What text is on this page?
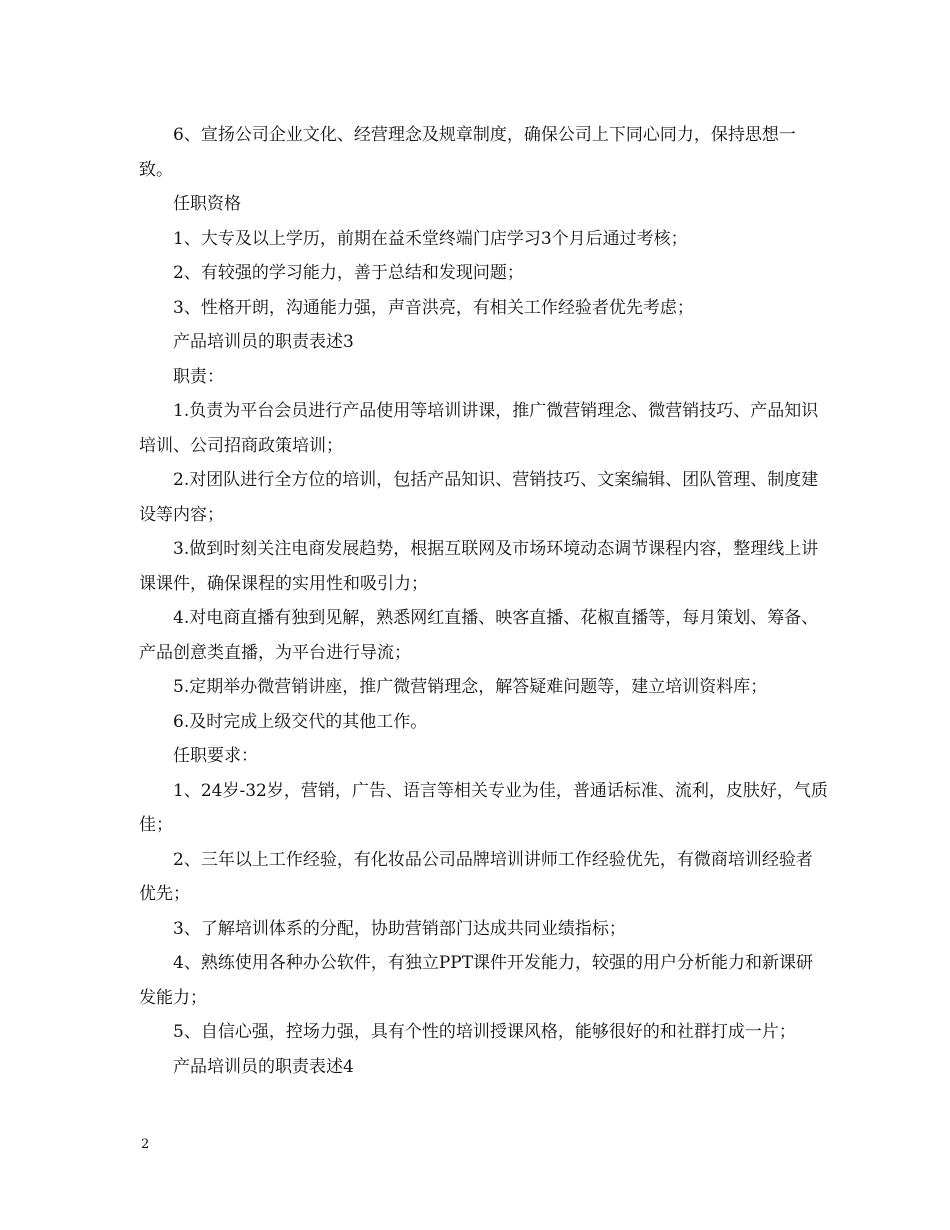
6、宣扬公司企业文化、经营理念及规章制度，确保公司上下同心同力，保持思想一致。

任职资格

1、大专及以上学历，前期在益禾堂终端门店学习3个月后通过考核；

2、有较强的学习能力，善于总结和发现问题；

3、性格开朗，沟通能力强，声音洪亮，有相关工作经验者优先考虑；

产品培训员的职责表述3

职责：

1.负责为平台会员进行产品使用等培训讲课，推广微营销理念、微营销技巧、产品知识培训、公司招商政策培训；

2.对团队进行全方位的培训，包括产品知识、营销技巧、文案编辑、团队管理、制度建设等内容；

3.做到时刻关注电商发展趋势，根据互联网及市场环境动态调节课程内容，整理线上讲课课件，确保课程的实用性和吸引力；

4.对电商直播有独到见解，熟悉网红直播、映客直播、花椒直播等，每月策划、筹备、产品创意类直播，为平台进行导流；

5.定期举办微营销讲座，推广微营销理念，解答疑难问题等，建立培训资料库；

6.及时完成上级交代的其他工作。

任职要求：

1、24岁-32岁，营销，广告、语言等相关专业为佳，普通话标准、流利，皮肤好，气质佳；

2、三年以上工作经验，有化妆品公司品牌培训讲师工作经验优先，有微商培训经验者优先；

3、了解培训体系的分配，协助营销部门达成共同业绩指标；

4、熟练使用各种办公软件，有独立PPT课件开发能力，较强的用户分析能力和新课研发能力；

5、自信心强，控场力强，具有个性的培训授课风格，能够很好的和社群打成一片；

产品培训员的职责表述4

2
